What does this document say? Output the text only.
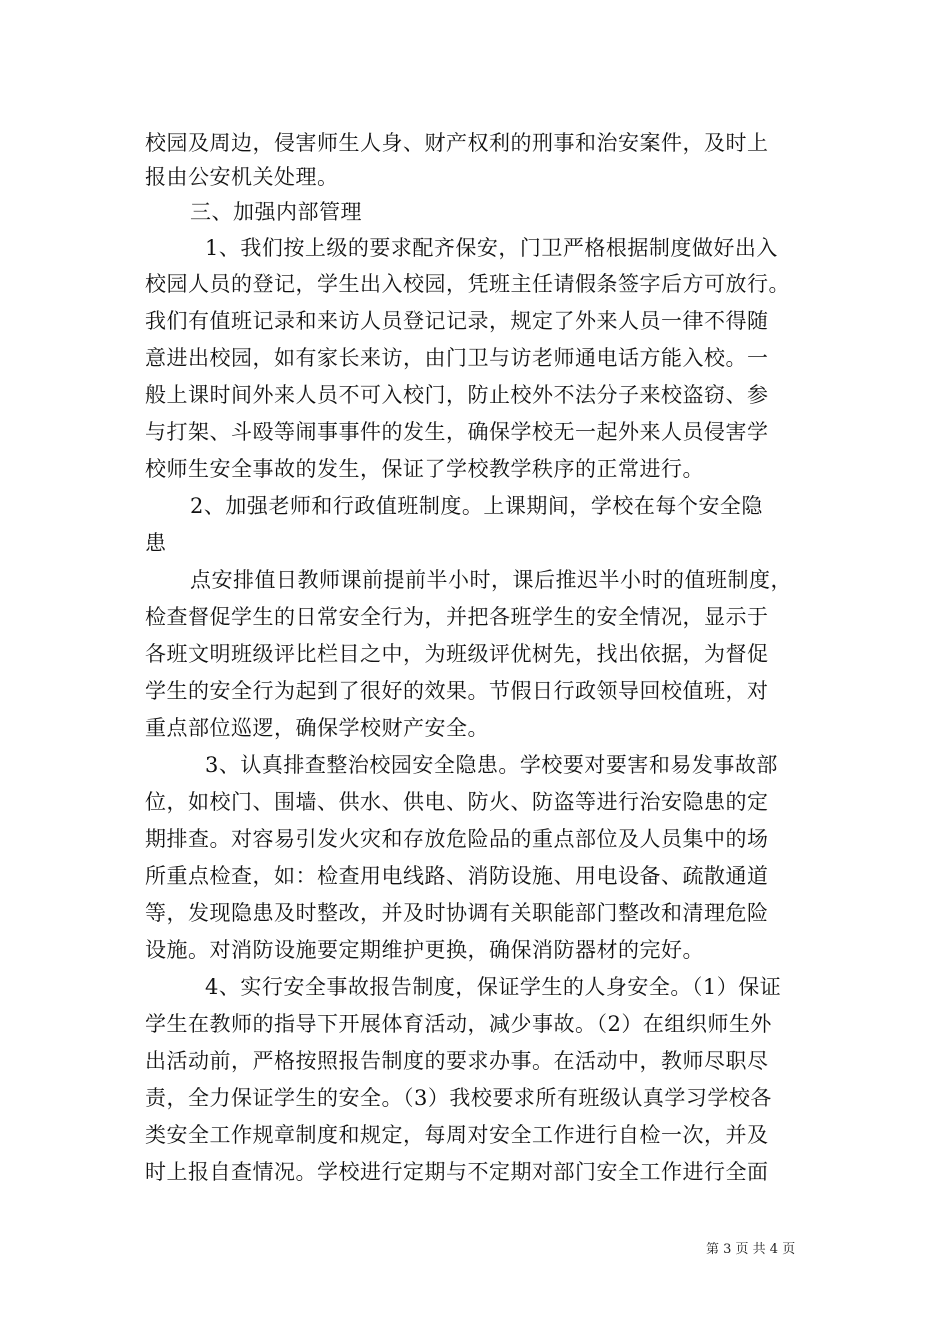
校园及周边，侵害师生人身、财产权利的刑事和治安案件，及时上
报由公安机关处理。
三、加强内部管理
1、我们按上级的要求配齐保安，门卫严格根据制度做好出入
校园人员的登记，学生出入校园，凭班主任请假条签字后方可放行。
我们有值班记录和来访人员登记记录，规定了外来人员一律不得随
意进出校园，如有家长来访，由门卫与访老师通电话方能入校。一
般上课时间外来人员不可入校门，防止校外不法分子来校盗窃、参
与打架、斗殴等闹事事件的发生，确保学校无一起外来人员侵害学
校师生安全事故的发生，保证了学校教学秩序的正常进行。
2、加强老师和行政值班制度。上课期间，学校在每个安全隐
患
点安排值日教师课前提前半小时，课后推迟半小时的值班制度，
检查督促学生的日常安全行为，并把各班学生的安全情况，显示于
各班文明班级评比栏目之中，为班级评优树先，找出依据，为督促
学生的安全行为起到了很好的效果。节假日行政领导回校值班，对
重点部位巡逻，确保学校财产安全。
3、认真排查整治校园安全隐患。学校要对要害和易发事故部
位，如校门、围墙、供水、供电、防火、防盗等进行治安隐患的定
期排查。对容易引发火灾和存放危险品的重点部位及人员集中的场
所重点检查，如：检查用电线路、消防设施、用电设备、疏散通道
等，发现隐患及时整改，并及时协调有关职能部门整改和清理危险
设施。对消防设施要定期维护更换，确保消防器材的完好。
4、实行安全事故报告制度，保证学生的人身安全。（1）保证
学生在教师的指导下开展体育活动，减少事故。（2）在组织师生外
出活动前，严格按照报告制度的要求办事。在活动中，教师尽职尽
责，全力保证学生的安全。（3）我校要求所有班级认真学习学校各
类安全工作规章制度和规定，每周对安全工作进行自检一次，并及
时上报自查情况。学校进行定期与不定期对部门安全工作进行全面
第 3 页 共 4 页
